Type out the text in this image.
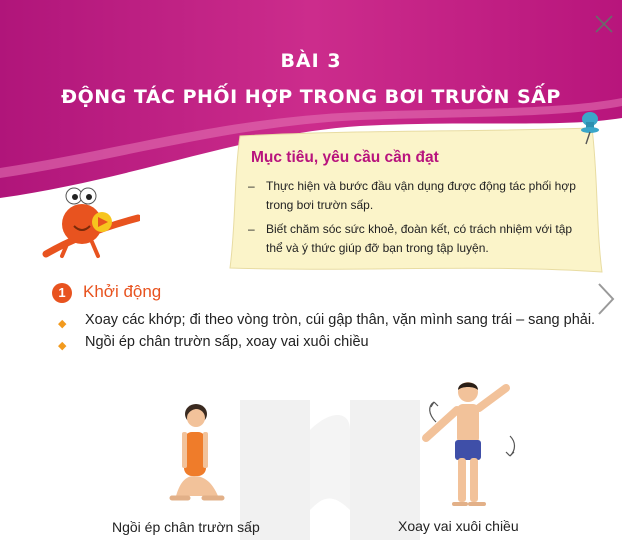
BÀI 3
ĐỘNG TÁC PHỐI HỢP TRONG BƠI TRƯỜN SẤP
Mục tiêu, yêu cầu cần đạt
– Thực hiện và bước đầu vận dụng được động tác phối hợp trong bơi trườn sấp.
– Biết chăm sóc sức khoẻ, đoàn kết, có trách nhiệm với tập thể và ý thức giúp đỡ bạn trong tập luyện.
1	Khởi động
◆ Xoay các khớp; đi theo vòng tròn, cúi gập thân, vặn mình sang trái – sang phải.
◆ Ngồi ép chân trườn sấp, xoay vai xuôi chiều
Ngồi ép chân trườn sấp	Xoay vai xuôi chiều
